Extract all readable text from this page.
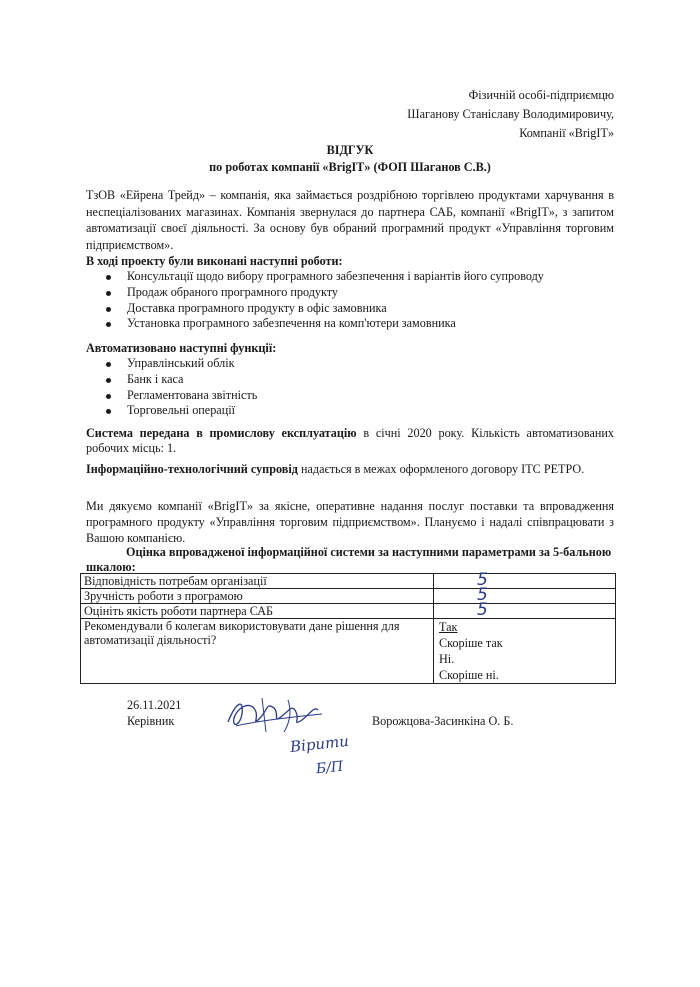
Фізичній особі-підприємцю
Шаганову Станіславу Володимировичу,
Компанії «BrigIT»
ВІДГУК
по роботах компанії «BrigIT» (ФОП Шаганов С.В.)
ТзОВ «Ейрена Трейд» – компанія, яка займається роздрібною торгівлею продуктами харчування в неспеціалізованих магазинах. Компанія звернулася до партнера САБ, компанії «BrigIT», з запитом автоматизації своєї діяльності. За основу був обраний програмний продукт «Управління торговим підприємством».
В ході проекту були виконані наступні роботи:
Консультації щодо вибору програмного забезпечення і варіантів його супроводу
Продаж обраного програмного продукту
Доставка програмного продукту в офіс замовника
Установка програмного забезпечення на комп'ютери замовника
Автоматизовано наступні функції:
Управлінський облік
Банк і каса
Регламентована звітність
Торговельні операції
Система передана в промислову експлуатацію в січні 2020 року. Кількість автоматизованих робочих місць: 1.
Інформаційно-технологічний супровід надається в межах оформленого договору ІТС РЕТРО.
Ми дякуємо компанії «BrigIT» за якісне, оперативне надання послуг поставки та впровадження програмного продукту «Управління торговим підприємством». Плануємо і надалі співпрацювати з Вашою компанією.
Оцінка впровадженої інформаційної системи за наступними параметрами за 5-бальною шкалою:
Відповідність потребам організації	5
Зручність роботи з програмою	5
Оцініть якість роботи партнера САБ	5
Рекомендували б колегам використовувати дане рішення для автоматизації діяльності?	Так
Скоріше так
Ні.
Скоріше ні.
26.11.2021
Керівник	Ворожцова-Засинкіна О. Б.
Вірити
Б/П
